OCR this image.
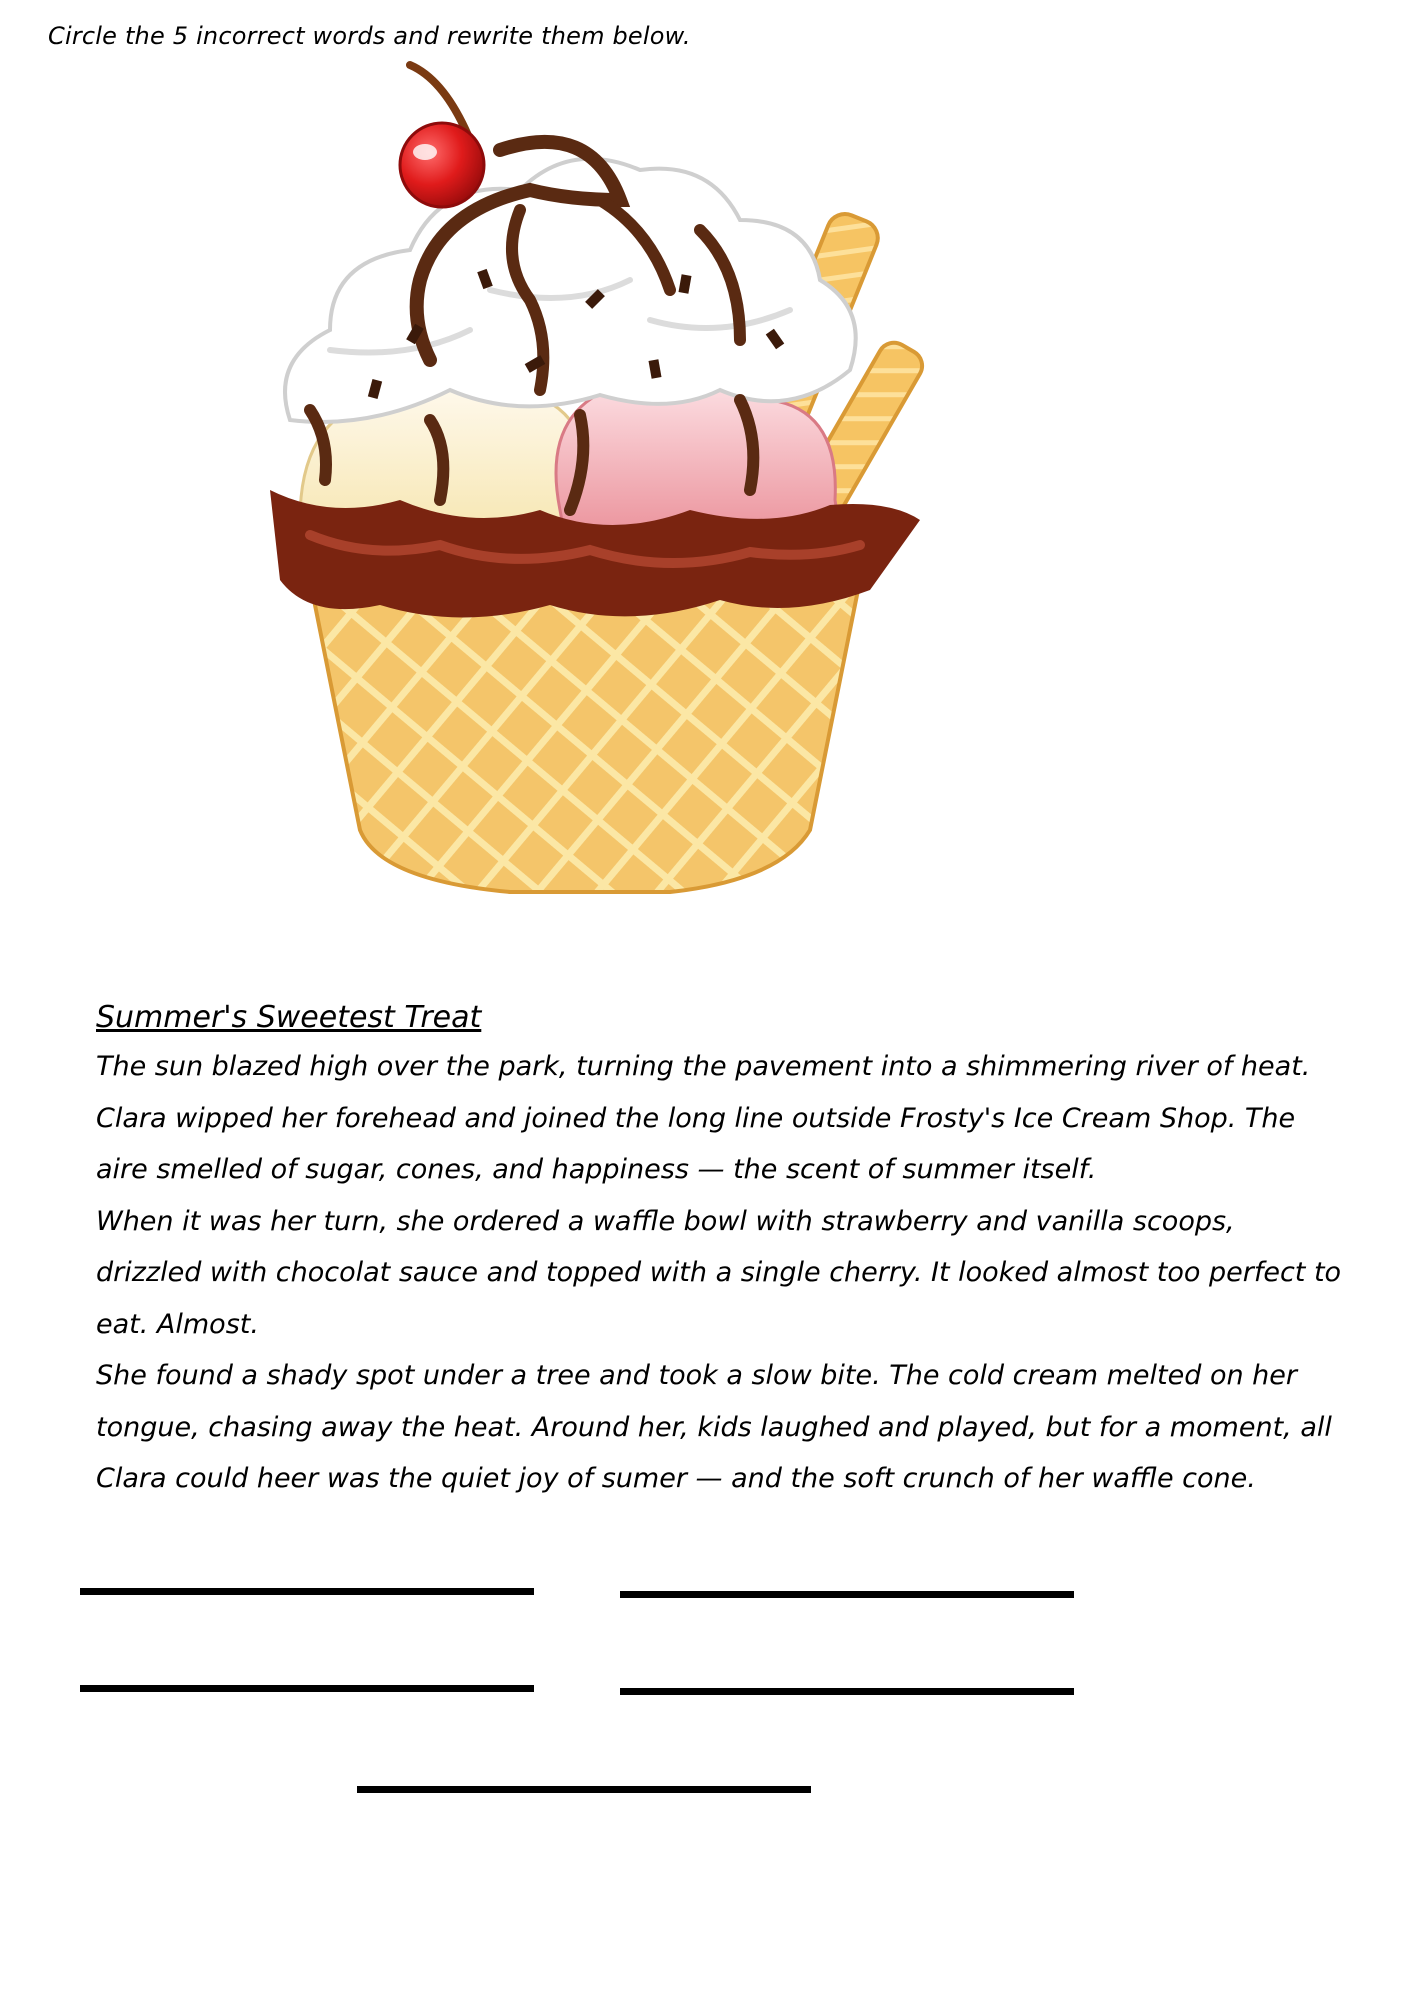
Circle the 5 incorrect words and rewrite them below.
Summer's Sweetest Treat

The sun blazed high over the park, turning the pavement into a shimmering river of heat. Clara wipped her forehead and joined the long line outside Frosty's Ice Cream Shop. The aire smelled of sugar, cones, and happiness — the scent of summer itself.

When it was her turn, she ordered a waffle bowl with strawberry and vanilla scoops, drizzled with chocolat sauce and topped with a single cherry. It looked almost too perfect to eat. Almost.

She found a shady spot under a tree and took a slow bite. The cold cream melted on her tongue, chasing away the heat. Around her, kids laughed and played, but for a moment, all Clara could heer was the quiet joy of sumer — and the soft crunch of her waffle cone.
